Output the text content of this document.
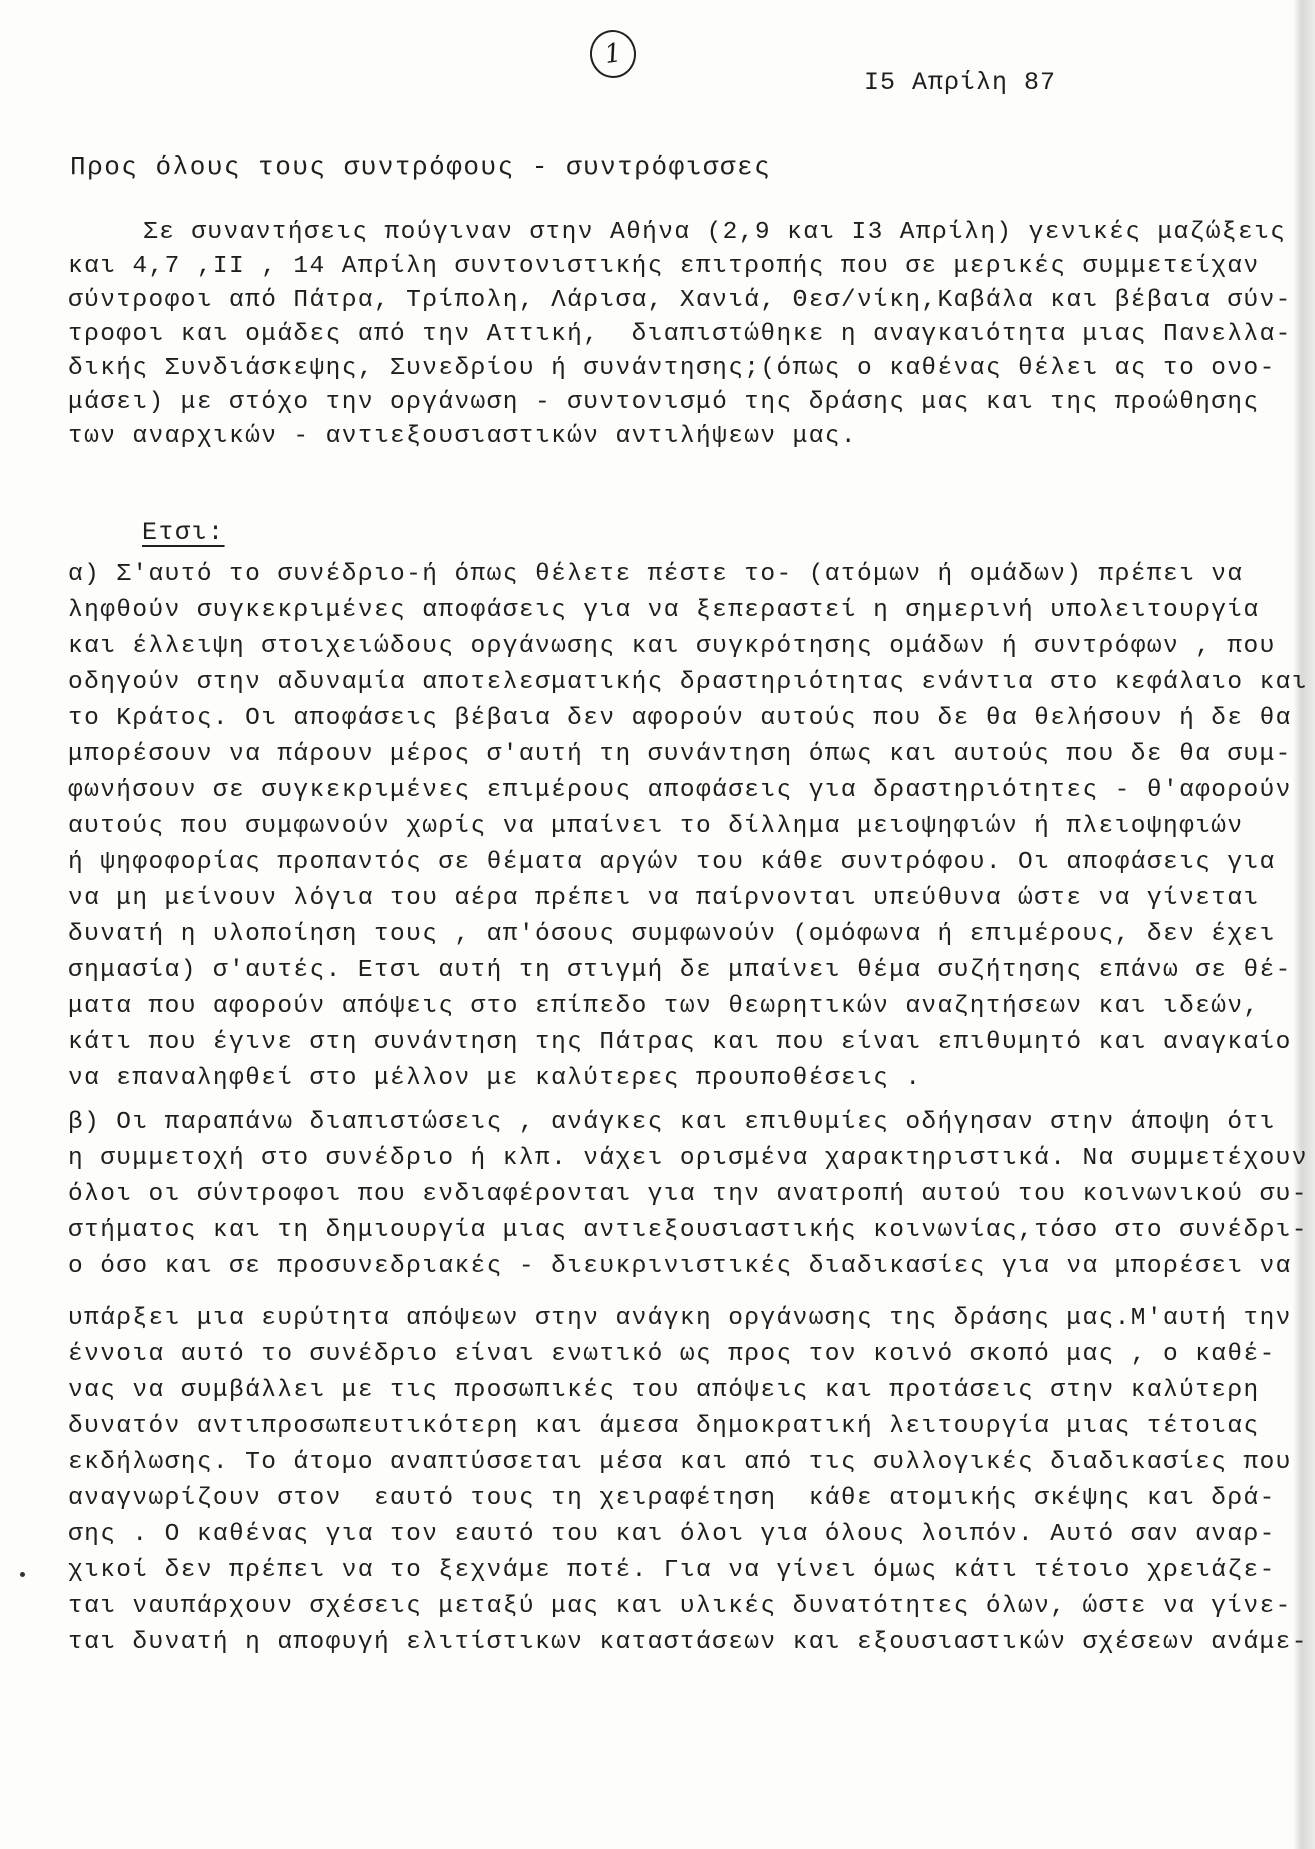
1
Ι5 Απρίλη 87
Προς όλους τους συντρόφους - συντρόφισσες
Σε συναντήσεις πούγιναν στην Αθήνα (2,9 και Ι3 Απρίλη) γενικές μαζώξεις
και 4,7 ,ΙΙ , 14 Απρίλη συντονιστικής επιτροπής που σε μερικές συμμετείχαν
σύντροφοι από Πάτρα, Τρίπολη, Λάρισα, Χανιά, Θεσ/νίκη,Καβάλα και βέβαια σύν-
τροφοι και ομάδες από την Αττική,  διαπιστώθηκε η αναγκαιότητα μιας Πανελλα-
δικής Συνδιάσκεψης, Συνεδρίου ή συνάντησης;(όπως ο καθένας θέλει ας το ονο-
μάσει) με στόχο την οργάνωση - συντονισμό της δράσης μας και της προώθησης
των αναρχικών - αντιεξουσιαστικών αντιλήψεων μας.
Ετσι:
α) Σ'αυτό το συνέδριο-ή όπως θέλετε πέστε το- (ατόμων ή ομάδων) πρέπει να
ληφθούν συγκεκριμένες αποφάσεις για να ξεπεραστεί η σημερινή υπολειτουργία
και έλλειψη στοιχειώδους οργάνωσης και συγκρότησης ομάδων ή συντρόφων , που
οδηγούν στην αδυναμία αποτελεσματικής δραστηριότητας ενάντια στο κεφάλαιο και
το Κράτος. Οι αποφάσεις βέβαια δεν αφορούν αυτούς που δε θα θελήσουν ή δε θα
μπορέσουν να πάρουν μέρος σ'αυτή τη συνάντηση όπως και αυτούς που δε θα συμ-
φωνήσουν σε συγκεκριμένες επιμέρους αποφάσεις για δραστηριότητες - θ'αφορούν
αυτούς που συμφωνούν χωρίς να μπαίνει το δίλλημα μειοψηφιών ή πλειοψηφιών
ή ψηφοφορίας προπαντός σε θέματα αργών του κάθε συντρόφου. Οι αποφάσεις για
να μη μείνουν λόγια του αέρα πρέπει να παίρνονται υπεύθυνα ώστε να γίνεται
δυνατή η υλοποίηση τους , απ'όσους συμφωνούν (ομόφωνα ή επιμέρους, δεν έχει
σημασία) σ'αυτές. Ετσι αυτή τη στιγμή δε μπαίνει θέμα συζήτησης επάνω σε θέ-
ματα που αφορούν απόψεις στο επίπεδο των θεωρητικών αναζητήσεων και ιδεών,
κάτι που έγινε στη συνάντηση της Πάτρας και που είναι επιθυμητό και αναγκαίο
να επαναληφθεί στο μέλλον με καλύτερες προυποθέσεις .
β) Οι παραπάνω διαπιστώσεις , ανάγκες και επιθυμίες οδήγησαν στην άποψη ότι
η συμμετοχή στο συνέδριο ή κλπ. νάχει ορισμένα χαρακτηριστικά. Να συμμετέχουν
όλοι οι σύντροφοι που ενδιαφέρονται για την ανατροπή αυτού του κοινωνικού συ-
στήματος και τη δημιουργία μιας αντιεξουσιαστικής κοινωνίας,τόσο στο συνέδρι-
ο όσο και σε προσυνεδριακές - διευκρινιστικές διαδικασίες για να μπορέσει να
υπάρξει μια ευρύτητα απόψεων στην ανάγκη οργάνωσης της δράσης μας.Μ'αυτή την
έννοια αυτό το συνέδριο είναι ενωτικό ως προς τον κοινό σκοπό μας , ο καθέ-
νας να συμβάλλει με τις προσωπικές του απόψεις και προτάσεις στην καλύτερη
δυνατόν αντιπροσωπευτικότερη και άμεσα δημοκρατική λειτουργία μιας τέτοιας
εκδήλωσης. Το άτομο αναπτύσσεται μέσα και από τις συλλογικές διαδικασίες που
αναγνωρίζουν στον  εαυτό τους τη χειραφέτηση  κάθε ατομικής σκέψης και δρά-
σης . Ο καθένας για τον εαυτό του και όλοι για όλους λοιπόν. Αυτό σαν αναρ-
χικοί δεν πρέπει να το ξεχνάμε ποτέ. Για να γίνει όμως κάτι τέτοιο χρειάζε-
ται ναυπάρχουν σχέσεις μεταξύ μας και υλικές δυνατότητες όλων, ώστε να γίνε-
ται δυνατή η αποφυγή ελιτίστικων καταστάσεων και εξουσιαστικών σχέσεων ανάμε-
